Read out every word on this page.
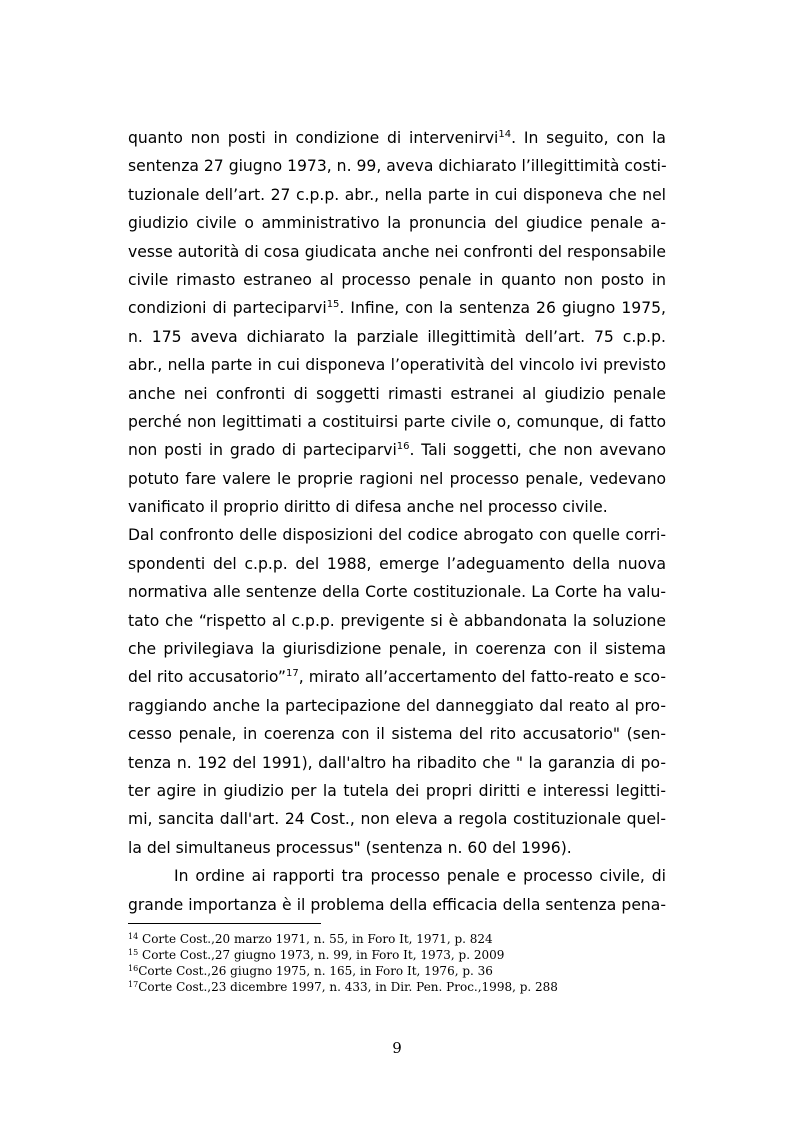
quanto non posti in condizione di intervenirvi$^{14}$. In seguito, con la
sentenza 27 giugno 1973, n. 99, aveva dichiarato l’illegittimità costi-
tuzionale dell’art. 27 c.p.p. abr., nella parte in cui disponeva che nel
giudizio civile o amministrativo la pronuncia del giudice penale a-
vesse autorità di cosa giudicata anche nei confronti del responsabile
civile rimasto estraneo al processo penale in quanto non posto in
condizioni di parteciparvi$^{15}$. Infine, con la sentenza 26 giugno 1975,
n. 175 aveva dichiarato la parziale illegittimità dell’art. 75 c.p.p.
abr., nella parte in cui disponeva l’operatività del vincolo ivi previsto
anche nei confronti di soggetti rimasti estranei al giudizio penale
perché non legittimati a costituirsi parte civile o, comunque, di fatto
non posti in grado di parteciparvi$^{16}$. Tali soggetti, che non avevano
potuto fare valere le proprie ragioni nel processo penale, vedevano
vanificato il proprio diritto di difesa anche nel processo civile.
Dal confronto delle disposizioni del codice abrogato con quelle corri-
spondenti del c.p.p. del 1988, emerge l’adeguamento della nuova
normativa alle sentenze della Corte costituzionale. La Corte ha valu-
tato che “rispetto al c.p.p. previgente si è abbandonata la soluzione
che privilegiava la giurisdizione penale, in coerenza con il sistema
del rito accusatorio”$^{17}$, mirato all’accertamento del fatto-reato e sco-
raggiando anche la partecipazione del danneggiato dal reato al pro-
cesso penale, in coerenza con il sistema del rito accusatorio" (sen-
tenza n. 192 del 1991), dall'altro ha ribadito che " la garanzia di po-
ter agire in giudizio per la tutela dei propri diritti e interessi legitti-
mi, sancita dall'art. 24 Cost., non eleva a regola costituzionale quel-
la del simultaneus processus" (sentenza n. 60 del 1996).
In ordine ai rapporti tra processo penale e processo civile, di
grande importanza è il problema della efficacia della sentenza pena-
$^{14}$ Corte Cost.,20 marzo 1971, n. 55, in Foro It, 1971, p. 824
$^{15}$ Corte Cost.,27 giugno 1973, n. 99, in Foro It, 1973, p. 2009
$^{16}$Corte Cost.,26 giugno 1975, n. 165, in Foro It, 1976, p. 36
$^{17}$Corte Cost.,23 dicembre 1997, n. 433, in Dir. Pen. Proc.,1998, p. 288
9
